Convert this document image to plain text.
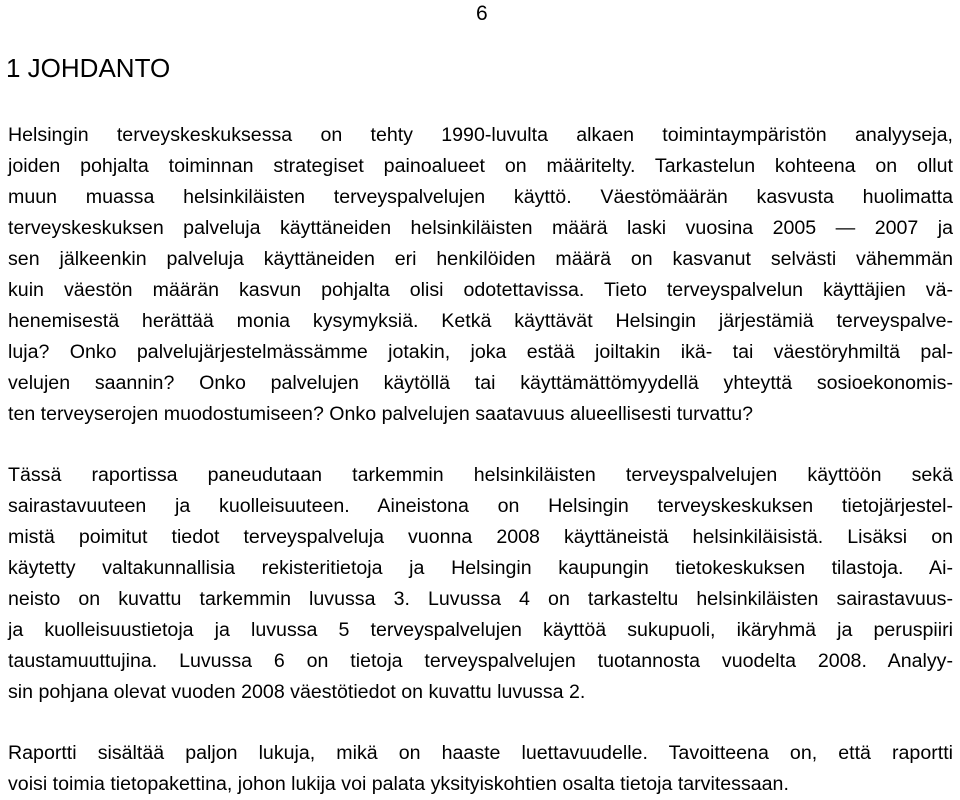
6
1 JOHDANTO
Helsingin terveyskeskuksessa on tehty 1990-luvulta alkaen toimintaympäristön analyyseja,
joiden pohjalta toiminnan strategiset painoalueet on määritelty. Tarkastelun kohteena on ollut
muun muassa helsinkiläisten terveyspalvelujen käyttö. Väestömäärän kasvusta huolimatta
terveyskeskuksen palveluja käyttäneiden helsinkiläisten määrä laski vuosina 2005 — 2007 ja
sen jälkeenkin palveluja käyttäneiden eri henkilöiden määrä on kasvanut selvästi vähemmän
kuin väestön määrän kasvun pohjalta olisi odotettavissa. Tieto terveyspalvelun käyttäjien vä-
henemisestä herättää monia kysymyksiä. Ketkä käyttävät Helsingin järjestämiä terveyspalve-
luja? Onko palvelujärjestelmässämme jotakin, joka estää joiltakin ikä- tai väestöryhmiltä pal-
velujen saannin? Onko palvelujen käytöllä tai käyttämättömyydellä yhteyttä sosioekonomis-
ten terveyserojen muodostumiseen? Onko palvelujen saatavuus alueellisesti turvattu?
Tässä raportissa paneudutaan tarkemmin helsinkiläisten terveyspalvelujen käyttöön sekä
sairastavuuteen ja kuolleisuuteen. Aineistona on Helsingin terveyskeskuksen tietojärjestel-
mistä poimitut tiedot terveyspalveluja vuonna 2008 käyttäneistä helsinkiläisistä. Lisäksi on
käytetty valtakunnallisia rekisteritietoja ja Helsingin kaupungin tietokeskuksen tilastoja. Ai-
neisto on kuvattu tarkemmin luvussa 3. Luvussa 4 on tarkasteltu helsinkiläisten sairastavuus-
ja kuolleisuustietoja ja luvussa 5 terveyspalvelujen käyttöä sukupuoli, ikäryhmä ja peruspiiri
taustamuuttujina. Luvussa 6 on tietoja terveyspalvelujen tuotannosta vuodelta 2008. Analyy-
sin pohjana olevat vuoden 2008 väestötiedot on kuvattu luvussa 2.
Raportti sisältää paljon lukuja, mikä on haaste luettavuudelle. Tavoitteena on, että raportti
voisi toimia tietopakettina, johon lukija voi palata yksityiskohtien osalta tietoja tarvitessaan.
